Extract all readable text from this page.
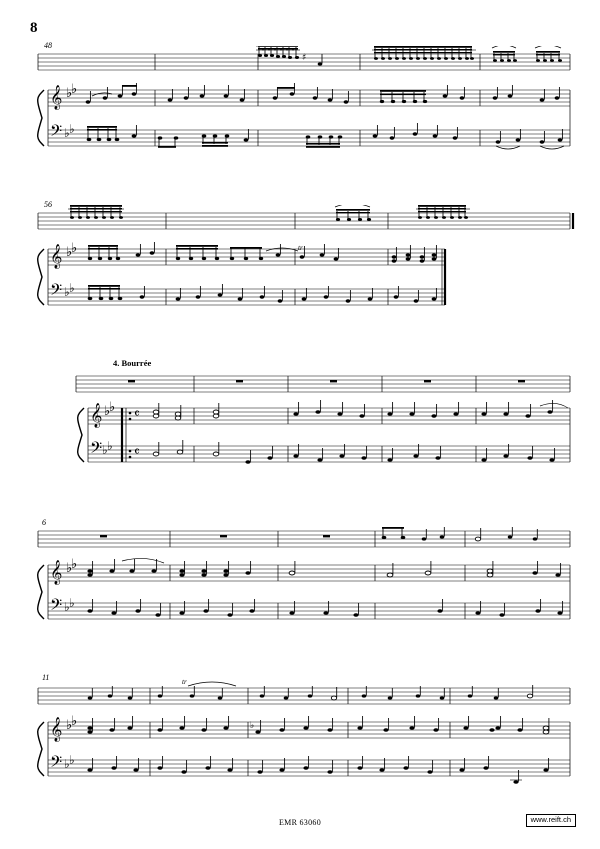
8
48
♯
𝄞
𝄢
♭
♭
♭ ♭
56
𝄞
𝄢
♭
♭
♭ ♭
tr
4. Bourrée
𝄞
𝄢
♭
♭
♭ ♭
𝄴
𝄴
6
𝄞
𝄢
♭
♭
♭ ♭
11	tr
𝄞
𝄢
♭
♭
♭ ♭
♭
EMR 63060	www.reift.ch
